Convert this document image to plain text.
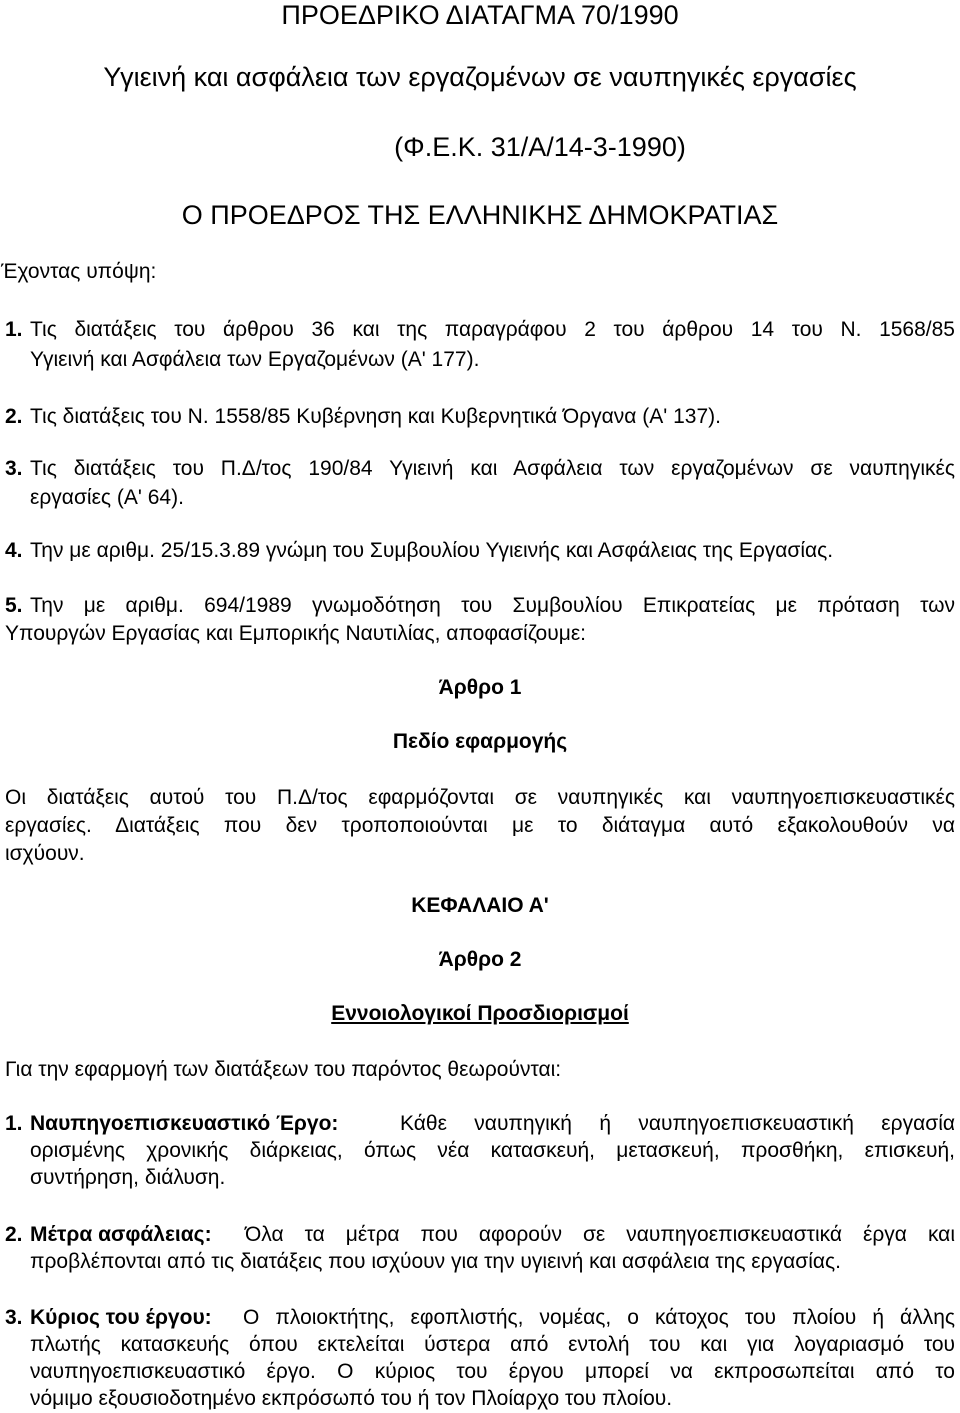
ΠΡΟΕΔΡΙΚΟ ΔΙΑΤΑΓΜΑ 70/1990
Υγιεινή και ασφάλεια των εργαζομένων σε ναυπηγικές εργασίες
(Φ.Ε.Κ. 31/Α/14-3-1990)
Ο ΠΡΟΕΔΡΟΣ ΤΗΣ ΕΛΛΗΝΙΚΗΣ ΔΗΜΟΚΡΑΤΙΑΣ
Έχοντας υπόψη:
1. Τις διατάξεις του άρθρου 36 και της παραγράφου 2 του άρθρου 14 του Ν. 1568/85
Υγιεινή και Ασφάλεια των Εργαζομένων (Α' 177).
2. Τις διατάξεις του Ν. 1558/85 Κυβέρνηση και Κυβερνητικά Όργανα (Α' 137).
3. Τις διατάξεις του Π.Δ/τος 190/84 Υγιεινή και Ασφάλεια των εργαζομένων σε ναυπηγικές
εργασίες (Α' 64).
4. Την με αριθμ. 25/15.3.89 γνώμη του Συμβουλίου Υγιεινής και Ασφάλειας της Εργασίας.
5. Την με αριθμ. 694/1989 γνωμοδότηση του Συμβουλίου Επικρατείας με πρόταση των
Υπουργών Εργασίας και Εμπορικής Ναυτιλίας, αποφασίζουμε:
Άρθρο 1
Πεδίο εφαρμογής
Οι διατάξεις αυτού του Π.Δ/τος εφαρμόζονται σε ναυπηγικές και ναυπηγοεπισκευαστικές
εργασίες. Διατάξεις που δεν τροποποιούνται με το διάταγμα αυτό εξακολουθούν να
ισχύουν.
ΚΕΦΑΛΑΙΟ Α'
Άρθρο 2
Εννοιολογικοί Προσδιορισμοί
Για την εφαρμογή των διατάξεων του παρόντος θεωρούνται:
1. Ναυπηγοεπισκευαστικό Έργο:	Κάθε ναυπηγική ή ναυπηγοεπισκευαστική εργασία
ορισμένης χρονικής διάρκειας, όπως νέα κατασκευή, μετασκευή, προσθήκη, επισκευή,
συντήρηση, διάλυση.
2. Μέτρα ασφάλειας: Όλα τα μέτρα που αφορούν σε ναυπηγοεπισκευαστικά έργα και
προβλέπονται από τις διατάξεις που ισχύουν για την υγιεινή και ασφάλεια της εργασίας.
3. Κύριος του έργου: Ο πλοιοκτήτης, εφοπλιστής, νομέας, ο κάτοχος του πλοίου ή άλλης
πλωτής κατασκευής όπου εκτελείται ύστερα από εντολή του και για λογαριασμό του
ναυπηγοεπισκευαστικό έργο. Ο κύριος του έργου μπορεί να εκπροσωπείται από το
νόμιμο εξουσιοδοτημένο εκπρόσωπό του ή τον Πλοίαρχο του πλοίου.
